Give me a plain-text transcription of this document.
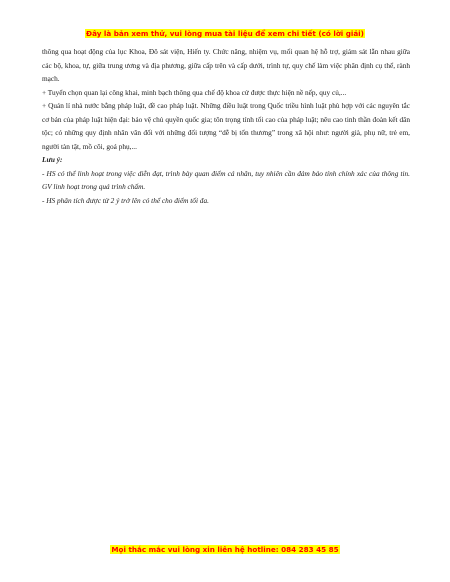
Đây là bản xem thử, vui lòng mua tài liệu để xem chi tiết (có lời giải)

thông qua hoạt động của lục Khoa, Đô sát viện, Hiến ty. Chức năng, nhiệm vụ, mối quan hệ hỗ trợ, giám sát lẫn nhau giữa các bộ, khoa, tự, giữa trung ương và địa phương, giữa cấp trên và cấp dưới, trình tự, quy chế làm việc phân định cụ thể, rành mạch.

+ Tuyển chọn quan lại công khai, minh bạch thông qua chế độ khoa cử được thực hiện nề nếp, quy củ,...

+ Quản lí nhà nước bằng pháp luật, đề cao pháp luật. Những điều luật trong Quốc triều hình luật phù hợp với các nguyên tắc cơ bản của pháp luật hiện đại: bảo vệ chủ quyền quốc gia; tôn trọng tính tối cao của pháp luật; nêu cao tinh thần đoàn kết dân tộc; có những quy định nhân văn đối với những đối tượng “dễ bị tổn thương” trong xã hội như: người già, phụ nữ, trẻ em, người tàn tật, mồ côi, goá phụ,...

Lưu ý:

- HS có thể linh hoạt trong việc diễn đạt, trình bày quan điểm cá nhân, tuy nhiên cần đảm bảo tính chính xác của thông tin. GV linh hoạt trong quá trình chấm.

- HS phân tích được từ 2 ý trở lên có thể cho điểm tối đa.

Mọi thắc mắc vui lòng xin liên hệ hotline: 084 283 45 85
